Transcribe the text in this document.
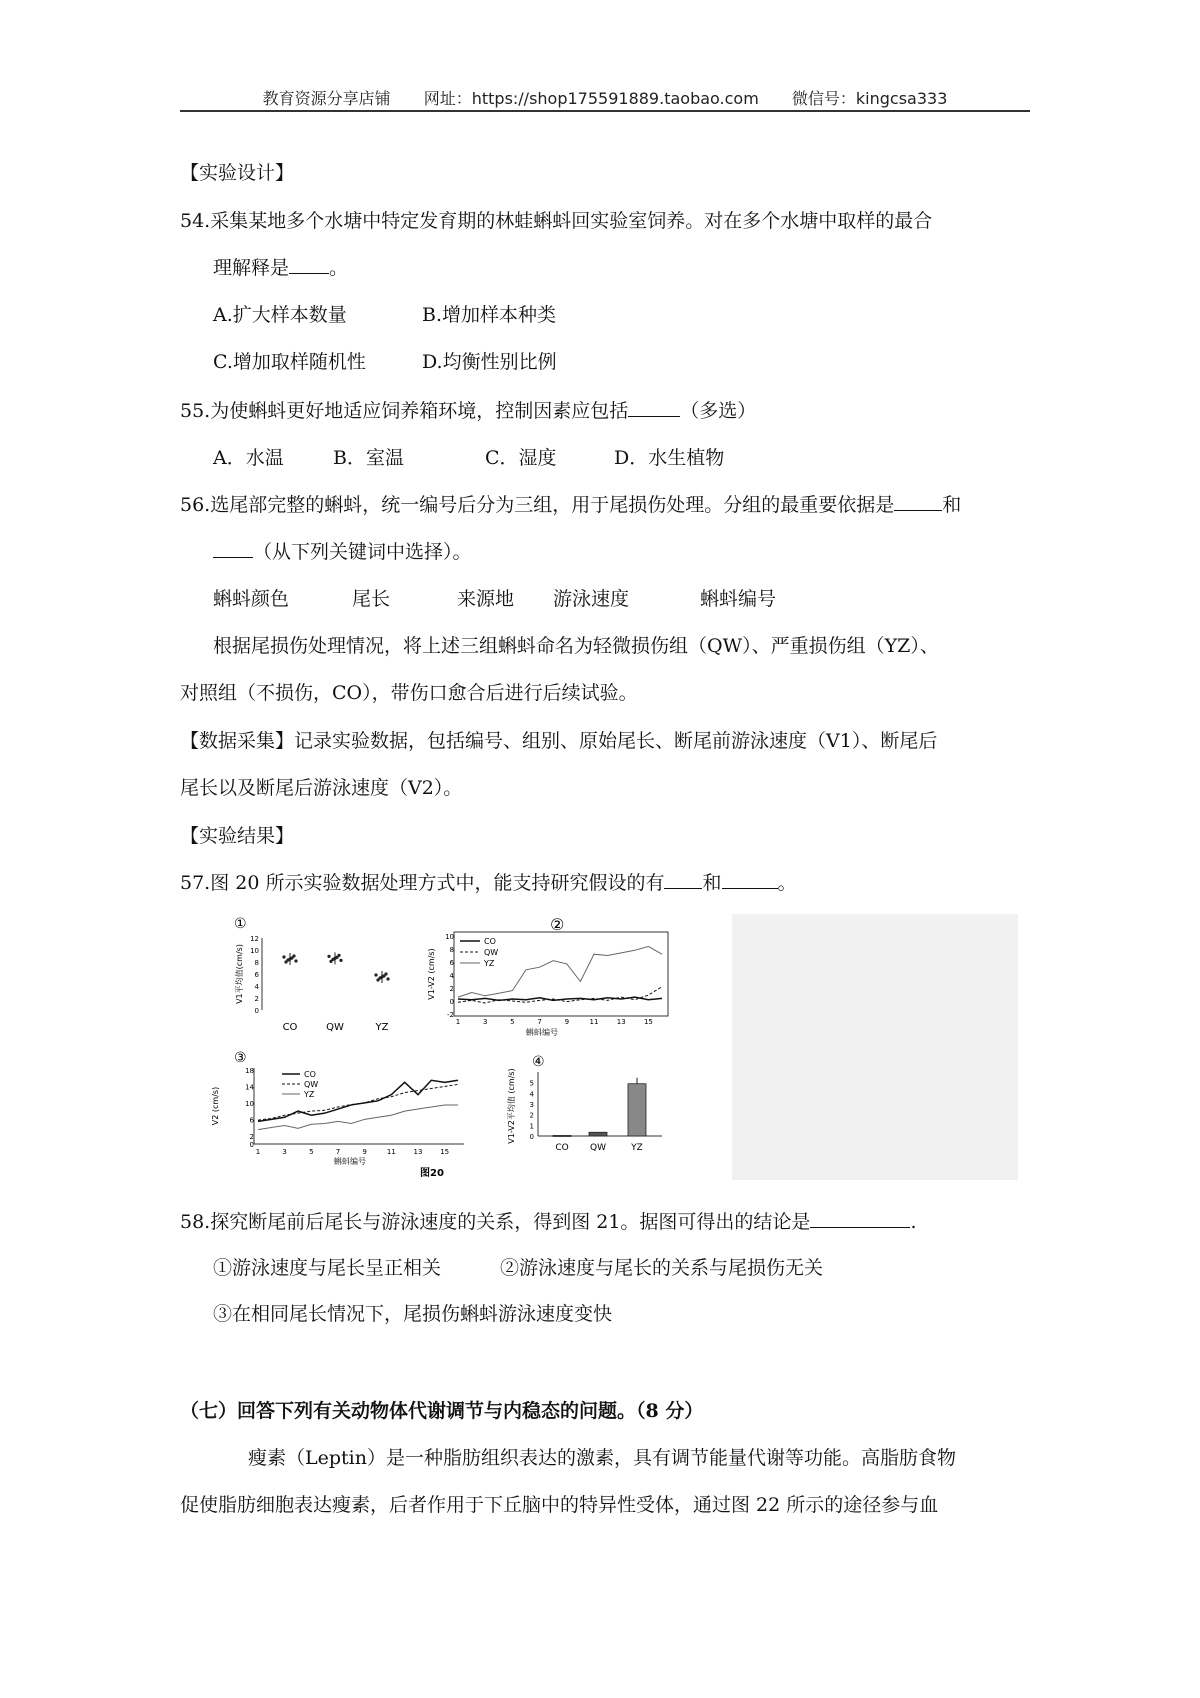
教育资源分享店铺 网址：https://shop175591889.taobao.com 微信号：kingcsa333
【实验设计】
54.采集某地多个水塘中特定发育期的林蛙蝌蚪回实验室饲养。对在多个水塘中取样的最合
理解释是 。
A.扩大样本数量	B.增加样本种类
C.增加取样随机性	D.均衡性别比例
55.为使蝌蚪更好地适应饲养箱环境，控制因素应包括	（多选）
A．水温	B．室温	C．湿度	D．水生植物
56.选尾部完整的蝌蚪，统一编号后分为三组，用于尾损伤处理。分组的最重要依据是	和
（从下列关键词中选择）。
蝌蚪颜色	尾长	来源地 游泳速度	蝌蚪编号
根据尾损伤处理情况，将上述三组蝌蚪命名为轻微损伤组（QW）、严重损伤组（YZ）、
对照组（不损伤，CO），带伤口愈合后进行后续试验。
【数据采集】记录实验数据，包括编号、组别、原始尾长、断尾前游泳速度（V1）、断尾后
尾长以及断尾后游泳速度（V2）。
【实验结果】
57.图 20 所示实验数据处理方式中，能支持研究假设的有 和	。
①
0
2
4
6
8
10
12
V1平均值(cm/s)
CO	QW	YZ
②
-2
0
2
4
6
8
10
1	3	5	7	9	11	13	15
V1-V2 (cm/s)
蝌蚪编号
CO
QW
YZ
③
0
2
6
10
14
18
1	3	5	7	9	11	13	15
V2 (cm/s)
蝌蚪编号
CO
QW
YZ
图20
④
0
1
2
3
4
5
V1-V2平均值 (cm/s)
CO QW	YZ
58.探究断尾前后尾长与游泳速度的关系，得到图 21。据图可得出的结论是	.
①游泳速度与尾长呈正相关	②游泳速度与尾长的关系与尾损伤无关
③在相同尾长情况下，尾损伤蝌蚪游泳速度变快
（七）回答下列有关动物体代谢调节与内稳态的问题。（8 分）
瘦素（Leptin）是一种脂肪组织表达的激素，具有调节能量代谢等功能。高脂肪食物
促使脂肪细胞表达瘦素，后者作用于下丘脑中的特异性受体，通过图 22 所示的途径参与血
